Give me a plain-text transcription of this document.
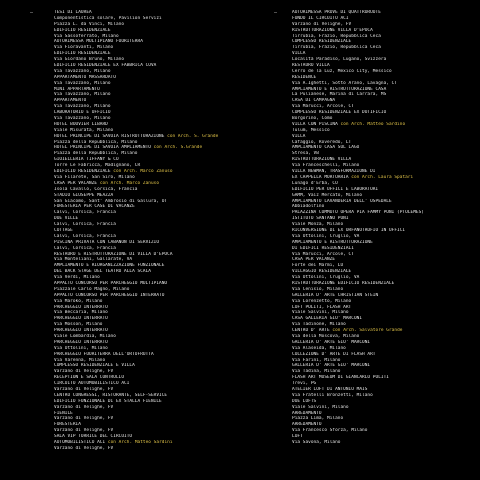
—	TESI DI LAUREA
Componentistica solare, Pavilion Servizi
Piazza L. da Vinci, Milano
EDIFICIO RESIDENZIALE
Via Sassoferrato, Milano
AUTORIMESSA MULTIPIANO FUORITERRA
Via Fioravanti, Milano
EDIFICIO RESIDENZIALE
Via Giordano Bruno, Milano
EDIFICIO RESIDENZIALE EX FABBRICA COVA
Via Tavazzano, Milano
APPARTAMENTO MASSARDATO
Via Tavazzano, Milano
MINI APPARTAMENTO
Via Tavazzano, Milano
APPARTAMENTO
Via Tavazzano, Milano
LABORATORIO E UFFICIO
Via Tavazzano, Milano
HOTEL BOUVIER LIBARD
Viale Misurata, Milano
HOTEL PRINCIPE DI SAVOIA RISTRUTTURAZIONE con Arch. S. Grande
Piazza della Repubblica, Milano
HOTEL PRINCIPE DI SAVOIA AMPLIAMENTO con Arch. S.Grande
Piazza della Repubblica, Milano
GIOIELLERIA TIFFANY & CO
Torre Le Fabricca, Madignano, CR
EDIFICIO RESIDENZIALE con Arch. Marco Zanuso
Via Filarete, San Siro, Milano
CASA PER VACANZE con Arch. Marco Zanuso
Isola Cavallo, Corsica, Francia
STADIO GIUSEPPE MEAZZA
San Giacomo, Sant' Ambrosio di Gallura, OT
FORESTERIA PER CASE DI VACANZE
Calvi, Corsica, Francia
DUE VILLE
Calvi, Corsica, Francia
COTTAGE
Calvi, Corsica, Francia
PISCINA PRIVATA CON CABANON DI SERVIZIO
Calvi, Corsica, Francia
RESTAURO E RISTRUTTURAZIONE DI VILLA D'EPOCA
Via Monteliani, Gallarate, VA
AMPLIAMENTO E RIORGANIZZAZIONE FUNZIONALE
DEL BACK STAGE DEL TEATRO ALLA SCALA
Via Verdi, Milano
APPALTO CONCORSO PER PARCHEGGIO MULTIPIANO
Piazzale Carlo Magno, Milano
APPALTO CONCORSO PER PARCHEGGIO INTERRATO
Via Maroko, Milano
PARCHEGGIO INTERRATO
Via Beccaria, Milano
PARCHEGGIO INTERRATO
Via Mosson, Milano
PARCHEGGIO INTERRATO
Viale Lombardia, Milano
PARCHEGGIO INTERRATO
Via Ottolini, Milano
PARCHEGGIO FUORITERRA DELL'ORTOFRUTTA
Via Varenna, Milano
COMPLESSO RESIDENZIALE E VILLA
Varzano di Velighe, FV
RECEPTION E SALA CONTROLLO
CIRCUITO AUTOMOBILISTICO ACI
Varzano di Velighe, FV
CENTRO CONGRESSI, RISTORANTE, SELF-SERVICE
EDIFICIO FUNZIONALE DI EX STALLA FIENILE
Varzano di Velighe, FV
FIENILE
Varzano di Velighe, FV
FORESTERIA
Varzano di Velighe, FV
SALA VIP TORRICE DEL CIRCUITO
AUTOMOBILISTICO ACI con Arch. Matteo Sardini
Varzano di Velighe, FV
—	AUTORIMESSA PROVE DI QUATTRORUOTE
FUNDO IL CIRCUITO ACI
Varzano di Velighe, FV
RISTRUTTURAZIONE VILLA D'EPOCA
Tirrubia, Frazio, Repubblica Ceca
COMPLESSO RESIDENZIALE
Tirrubia, Frazio, Repubblica Ceca
VILLA
Località Paradiso, Lugano, Svizzera
RESTAURO VILLA
Cerro de la Luz, Mexico City, Messico
RESIDENCE
Via A.Ighetti, Sotto Arano, Lavagna, CT
AMPLIAMENTO E RISTRUTTURAZIONE CASA
La Pulianese, Marina di Carrara, MS
CASA DI CAMPAGNA
Via Marucci, Arcole, CT
COMPLESSO RESIDENZIALE EX DUTIFICIO
Borgorino, Como
VILLA CON PISCINA con Arch. Matteo Sardino
Tulum, Messico
VILLA
Cafaggio, Roveredo, LT
AMPLIAMENTO CASA SUL LAGO
Stresa, VB
RISTRUTTURAZIONE VILLA
Via Franceschelli, Milano
VILLA NEWMAN, TRASFORMAZIONE DI
EX CAPPELLA MORTUARIA con Arch. Laura Spatari
Lunago d'Erba, CO
EDIFICIO PER UFFICI E LABORATORI
GAMM, Vaiz Mercato, Milano
AMPLIAMENTO LAVANDERIA DELL' OSPEDALE
Abbiadolfino
PALAZZINA COMMUTO OPERA PIA FAMMY PONI (PTOLEMES)
ISTITUTO SANTANO PONI
Viale Monza, Milano
RICONVERSIONE DI EX ORFANOTROFIO IN UFFICI
Via Ottolini, Cruglio, VA
AMPLIAMENTO E RISTRUTTURAZIONE
DI EDIFICI RESIDENZIALI
Via Marucci, Arcole, CT
CASA PER VACANZE
Forte dei Marmi, LU
VILLAGGIO RESIDENZIALE
Via Ottolini, Cruglio, VA
RISTRUTTURAZIONE EDIFICIO RESIDENZIALE
Via Cenisio, Milano
GALLERIA D' ARTE CHRISTIAN STEIN
Via Lorenzetto, Milano
LOFT POLITI, FLASH ART
Viale Salvini, Milano
CASA GALLERIA GIO' MARCONI
Via Tadinone, Milano
CENTRO D' ARTE con Arch. Salvatore Grande
Via della Moscova, Milano
GALLERIA D' ARTE GIO' MARCONI
Via Alaseida, Milano
COLLEZIONE D' ARTE DI FLASH ART
Via Farini, Milano
GALLERIA D' ARTE GIO' MARCONI
Via Tadina, Milano
FLASH ART MUSEUM DI GIANCARLO POLITI
Trevi, PG
ATELIER LOFT DI ANTONIO MAIS
Via Fratelli Bronzetti, Milano
DUE LOFTS
Viale Salvini, Milano
ARREDAMENTO
Piazza Lima, Milano
ARREDAMENTO
Via Francesco Sforza, Milano
LOFT
Via Savona, Milano
